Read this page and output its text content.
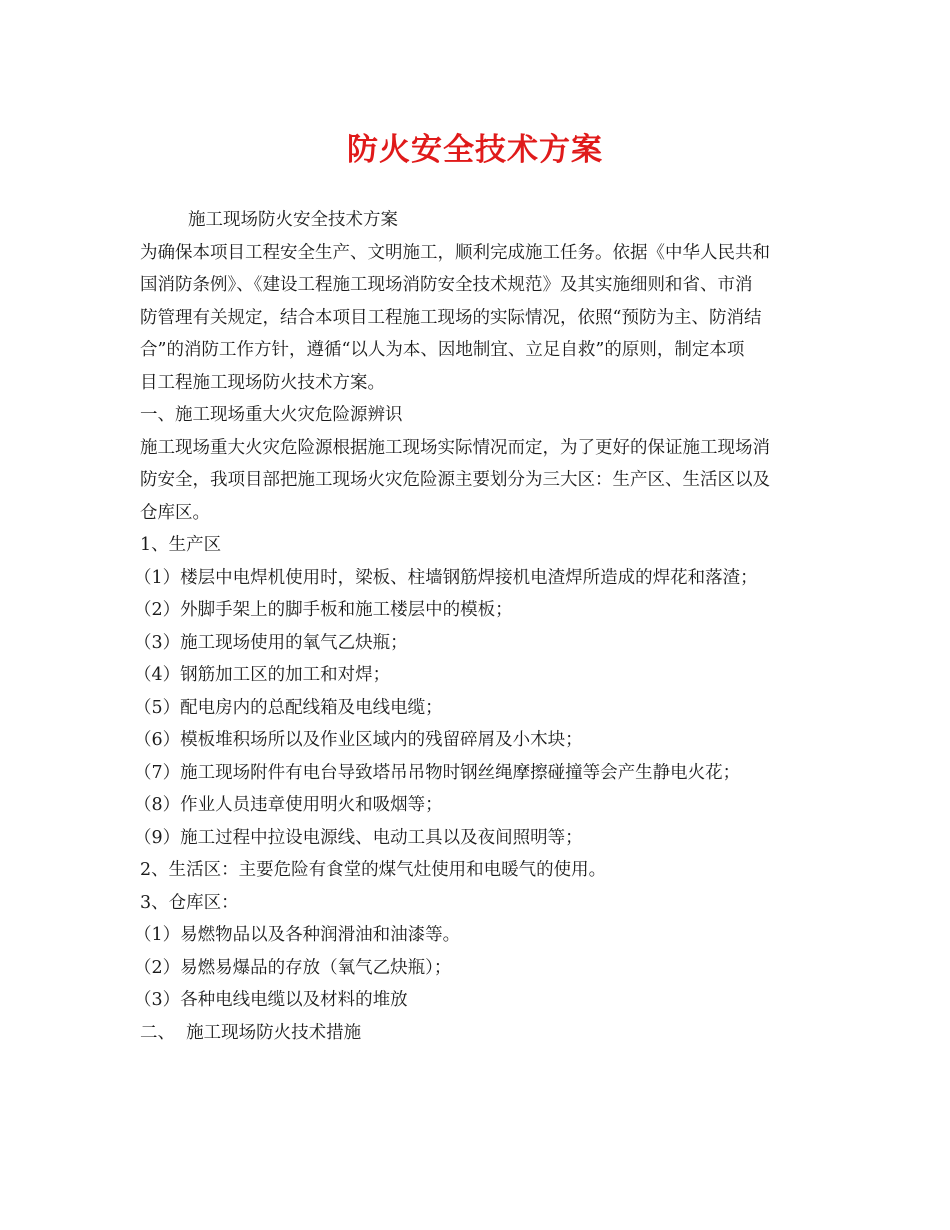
防火安全技术方案
施工现场防火安全技术方案
为确保本项目工程安全生产、文明施工，顺利完成施工任务。依据《中华人民共和
国消防条例》、《建设工程施工现场消防安全技术规范》及其实施细则和省、市消
防管理有关规定，结合本项目工程施工现场的实际情况，依照“预防为主、防消结
合”的消防工作方针，遵循“以人为本、因地制宜、立足自救”的原则，制定本项
目工程施工现场防火技术方案。
一、施工现场重大火灾危险源辨识
施工现场重大火灾危险源根据施工现场实际情况而定，为了更好的保证施工现场消
防安全，我项目部把施工现场火灾危险源主要划分为三大区：生产区、生活区以及
仓库区。
1、生产区
（1）楼层中电焊机使用时，梁板、柱墙钢筋焊接机电渣焊所造成的焊花和落渣；
（2）外脚手架上的脚手板和施工楼层中的模板；
（3）施工现场使用的氧气乙炔瓶；
（4）钢筋加工区的加工和对焊；
（5）配电房内的总配线箱及电线电缆；
（6）模板堆积场所以及作业区域内的残留碎屑及小木块；
（7）施工现场附件有电台导致塔吊吊物时钢丝绳摩擦碰撞等会产生静电火花；
（8）作业人员违章使用明火和吸烟等；
（9）施工过程中拉设电源线、电动工具以及夜间照明等；
2、生活区：主要危险有食堂的煤气灶使用和电暖气的使用。
3、仓库区：
（1）易燃物品以及各种润滑油和油漆等。
（2）易燃易爆品的存放（氧气乙炔瓶）；
（3）各种电线电缆以及材料的堆放
二、  施工现场防火技术措施
